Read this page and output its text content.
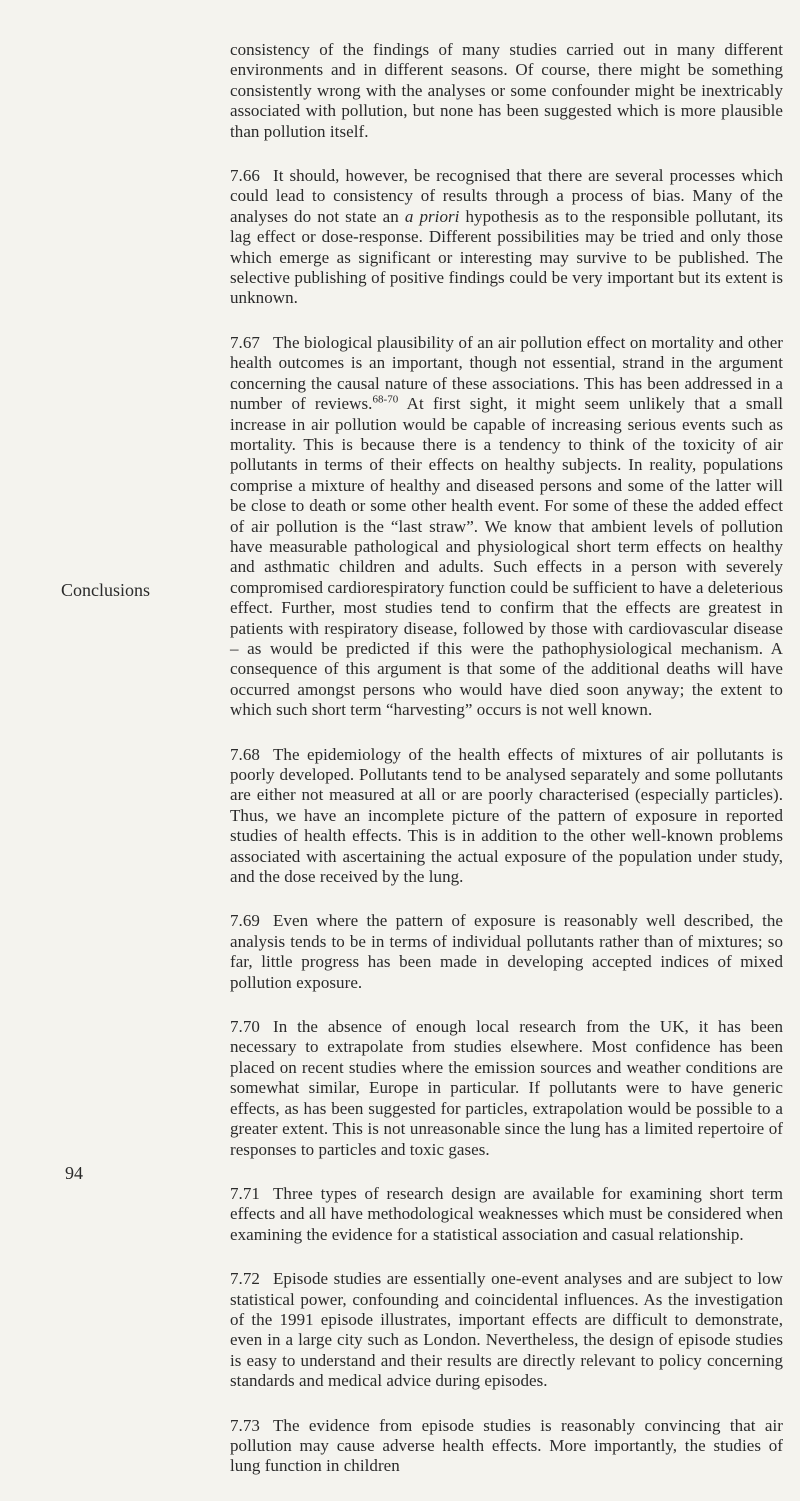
Conclusions

consistency of the findings of many studies carried out in many different environments and in different seasons. Of course, there might be something consistently wrong with the analyses or some confounder might be inextricably associated with pollution, but none has been suggested which is more plausible than pollution itself.

7.66 It should, however, be recognised that there are several processes which could lead to consistency of results through a process of bias. Many of the analyses do not state an a priori hypothesis as to the responsible pollutant, its lag effect or dose-response. Different possibilities may be tried and only those which emerge as significant or interesting may survive to be published. The selective publishing of positive findings could be very important but its extent is unknown.

7.67 The biological plausibility of an air pollution effect on mortality and other health outcomes is an important, though not essential, strand in the argument concerning the causal nature of these associations. This has been addressed in a number of reviews.$^{68-70}$ At first sight, it might seem unlikely that a small increase in air pollution would be capable of increasing serious events such as mortality. This is because there is a tendency to think of the toxicity of air pollutants in terms of their effects on healthy subjects. In reality, populations comprise a mixture of healthy and diseased persons and some of the latter will be close to death or some other health event. For some of these the added effect of air pollution is the “last straw”. We know that ambient levels of pollution have measurable pathological and physiological short term effects on healthy and asthmatic children and adults. Such effects in a person with severely compromised cardiorespiratory function could be sufficient to have a deleterious effect. Further, most studies tend to confirm that the effects are greatest in patients with respiratory disease, followed by those with cardiovascular disease – as would be predicted if this were the pathophysiological mechanism. A consequence of this argument is that some of the additional deaths will have occurred amongst persons who would have died soon anyway; the extent to which such short term “harvesting” occurs is not well known.

7.68 The epidemiology of the health effects of mixtures of air pollutants is poorly developed. Pollutants tend to be analysed separately and some pollutants are either not measured at all or are poorly characterised (especially particles). Thus, we have an incomplete picture of the pattern of exposure in reported studies of health effects. This is in addition to the other well-known problems associated with ascertaining the actual exposure of the population under study, and the dose received by the lung.

7.69 Even where the pattern of exposure is reasonably well described, the analysis tends to be in terms of individual pollutants rather than of mixtures; so far, little progress has been made in developing accepted indices of mixed pollution exposure.

7.70 In the absence of enough local research from the UK, it has been necessary to extrapolate from studies elsewhere. Most confidence has been placed on recent studies where the emission sources and weather conditions are somewhat similar, Europe in particular. If pollutants were to have generic effects, as has been suggested for particles, extrapolation would be possible to a greater extent. This is not unreasonable since the lung has a limited repertoire of responses to particles and toxic gases.

7.71 Three types of research design are available for examining short term effects and all have methodological weaknesses which must be considered when examining the evidence for a statistical association and casual relationship.

7.72 Episode studies are essentially one-event analyses and are subject to low statistical power, confounding and coincidental influences. As the investigation of the 1991 episode illustrates, important effects are difficult to demonstrate, even in a large city such as London. Nevertheless, the design of episode studies is easy to understand and their results are directly relevant to policy concerning standards and medical advice during episodes.

7.73 The evidence from episode studies is reasonably convincing that air pollution may cause adverse health effects. More importantly, the studies of lung function in children

94
